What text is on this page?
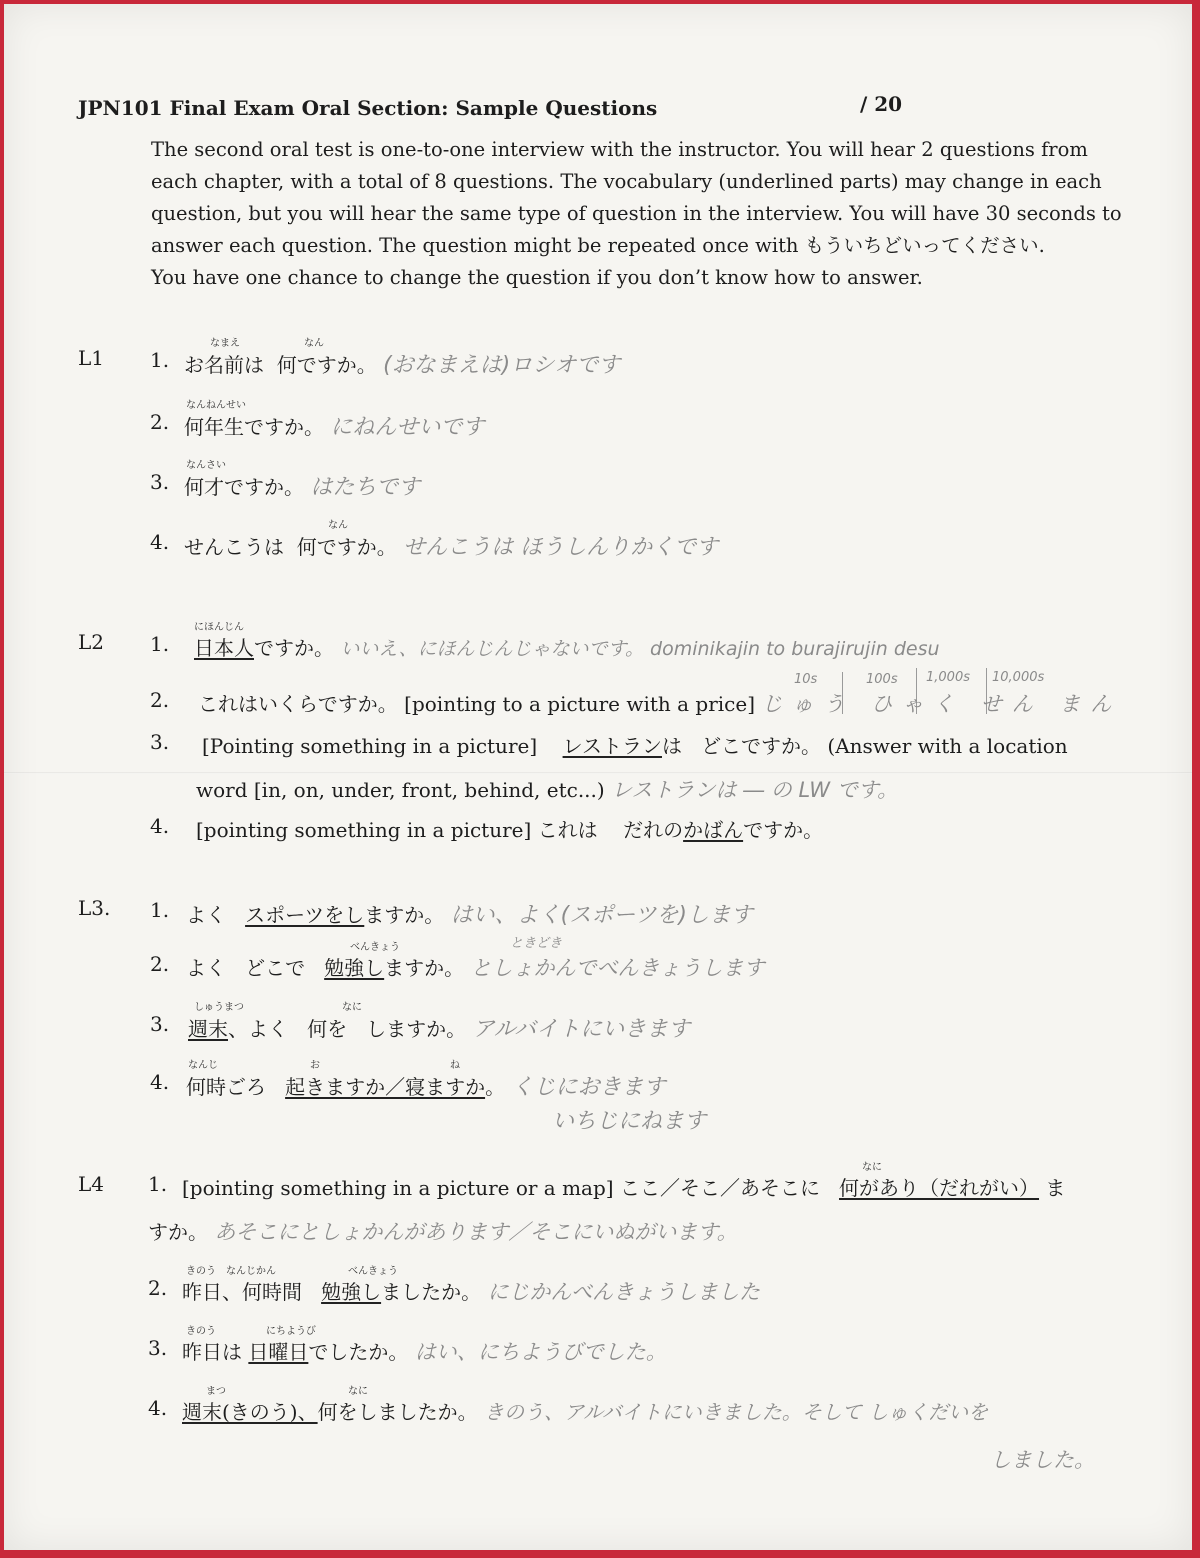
JPN101 Final Exam Oral Section: Sample Questions	/ 20

The second oral test is one-to-one interview with the instructor. You will hear 2 questions from

each chapter, with a total of 8 questions. The vocabulary (underlined parts) may change in each

question, but you will hear the same type of question in the interview. You will have 30 seconds to

answer each question. The question might be repeated once with もういちどいってください.

You have one chance to change the question if you don’t know how to answer.

L1 1.
なまえ	なん
お名前は 何ですか。 (おなまえは)ロシオです
2.
なんねんせい
何年生ですか。 にねんせいです
3.
なんさい
何才ですか。 はたちです
4.
なん
せんこうは 何ですか。 せんこうは ほうしんりかくです
L2 1.
にほんじん
日本人ですか。 いいえ、にほんじんじゃないです。 dominikajin to burajirujin desu
10s	100s 1,000s 10,000s
2. これはいくらですか。 [pointing to a picture with a price] じゅう ひゃく せん まん
3. [Pointing something in a picture] レストランは どこですか。 (Answer with a location
word [in, on, under, front, behind, etc...) レストランは ― の LW です。
4. [pointing something in a picture] これは だれのかばんですか。
L3. 1. よく スポーツをしますか。 はい、よく(スポーツを)します
ときどき
2.
べんきょう
よく どこで 勉強しますか。 としょかんでべんきょうします
3.
しゅうまつ	なに
週末、よく 何を しますか。 アルバイトにいきます
4.
なんじ	お	ね
何時ごろ 起きますか／寝ますか。 くじにおきます
いちじにねます
L4 1.
なに
[pointing something in a picture or a map] ここ／そこ／あそこに 何があり（だれがい） ま
すか。 あそこにとしょかんがあります／そこにいぬがいます。
2.
きのう　なんじかん	べんきょう
昨日、何時間 勉強しましたか。 にじかんべんきょうしました
3.
きのう	にちようび
昨日は 日曜日でしたか。 はい、にちようびでした。
4.
まつ	なに
週末(きのう)、何をしましたか。 きのう、アルバイトにいきました。そして しゅくだいを
しました。
